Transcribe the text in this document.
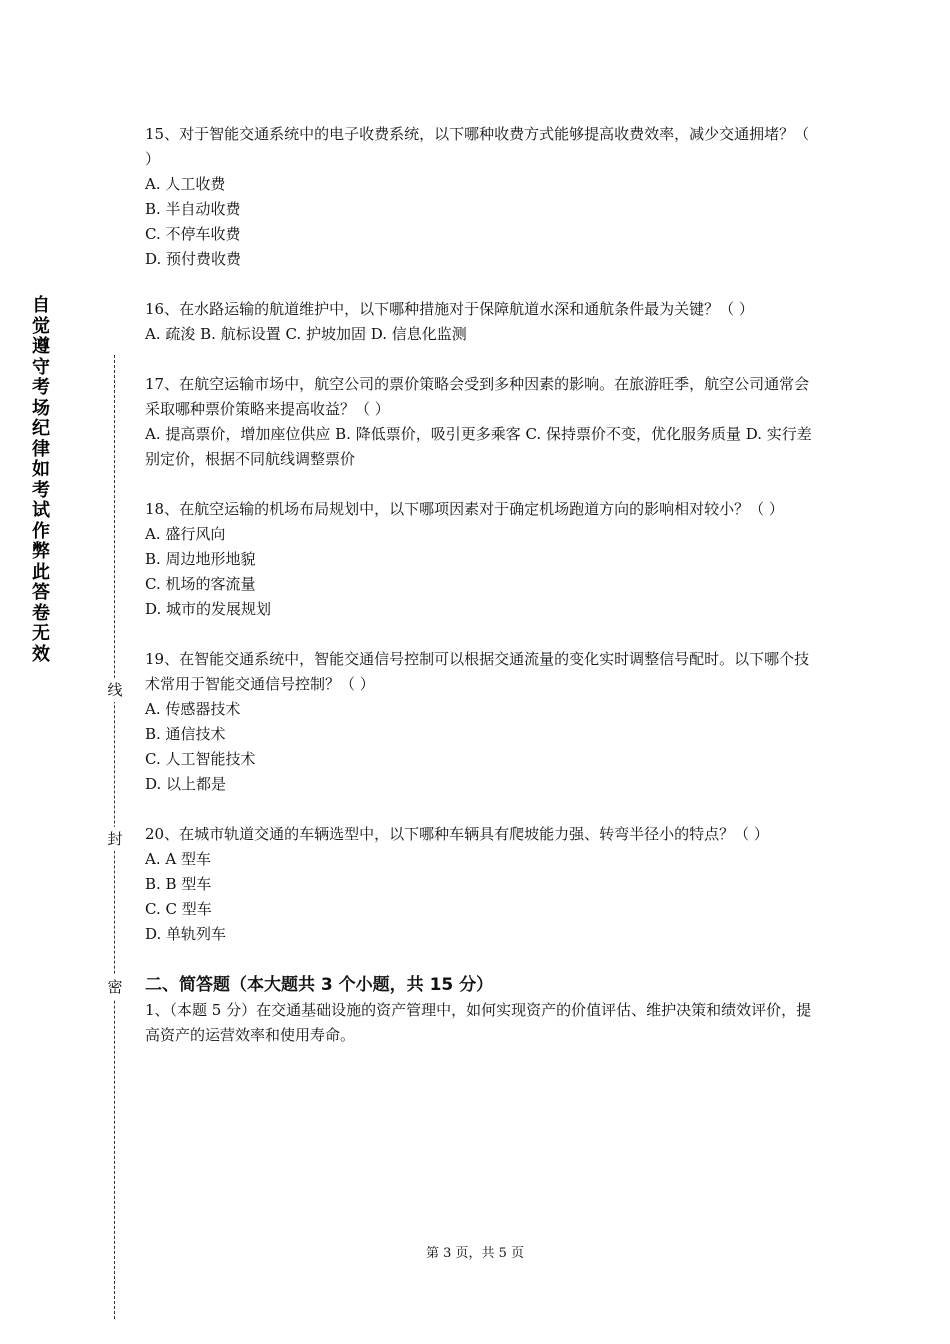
自觉遵守考场纪律如考试作弊此答卷无效
线
封
密

15、对于智能交通系统中的电子收费系统，以下哪种收费方式能够提高收费效率，减少交通拥堵？（ ）

A. 人工收费

B. 半自动收费

C. 不停车收费

D. 预付费收费

16、在水路运输的航道维护中，以下哪种措施对于保障航道水深和通航条件最为关键？（ ）

A. 疏浚 B. 航标设置 C. 护坡加固 D. 信息化监测

17、在航空运输市场中，航空公司的票价策略会受到多种因素的影响。在旅游旺季，航空公司通常会采取哪种票价策略来提高收益？（ ）

A. 提高票价，增加座位供应 B. 降低票价，吸引更多乘客 C. 保持票价不变，优化服务质量 D. 实行差别定价，根据不同航线调整票价

18、在航空运输的机场布局规划中，以下哪项因素对于确定机场跑道方向的影响相对较小？（ ）

A. 盛行风向

B. 周边地形地貌

C. 机场的客流量

D. 城市的发展规划

19、在智能交通系统中，智能交通信号控制可以根据交通流量的变化实时调整信号配时。以下哪个技术常用于智能交通信号控制？（ ）

A. 传感器技术

B. 通信技术

C. 人工智能技术

D. 以上都是

20、在城市轨道交通的车辆选型中，以下哪种车辆具有爬坡能力强、转弯半径小的特点？（ ）

A. A 型车

B. B 型车

C. C 型车

D. 单轨列车

二、简答题（本大题共 3 个小题，共 15 分）

1、（本题 5 分）在交通基础设施的资产管理中，如何实现资产的价值评估、维护决策和绩效评价，提高资产的运营效率和使用寿命。

第 3 页，共 5 页
